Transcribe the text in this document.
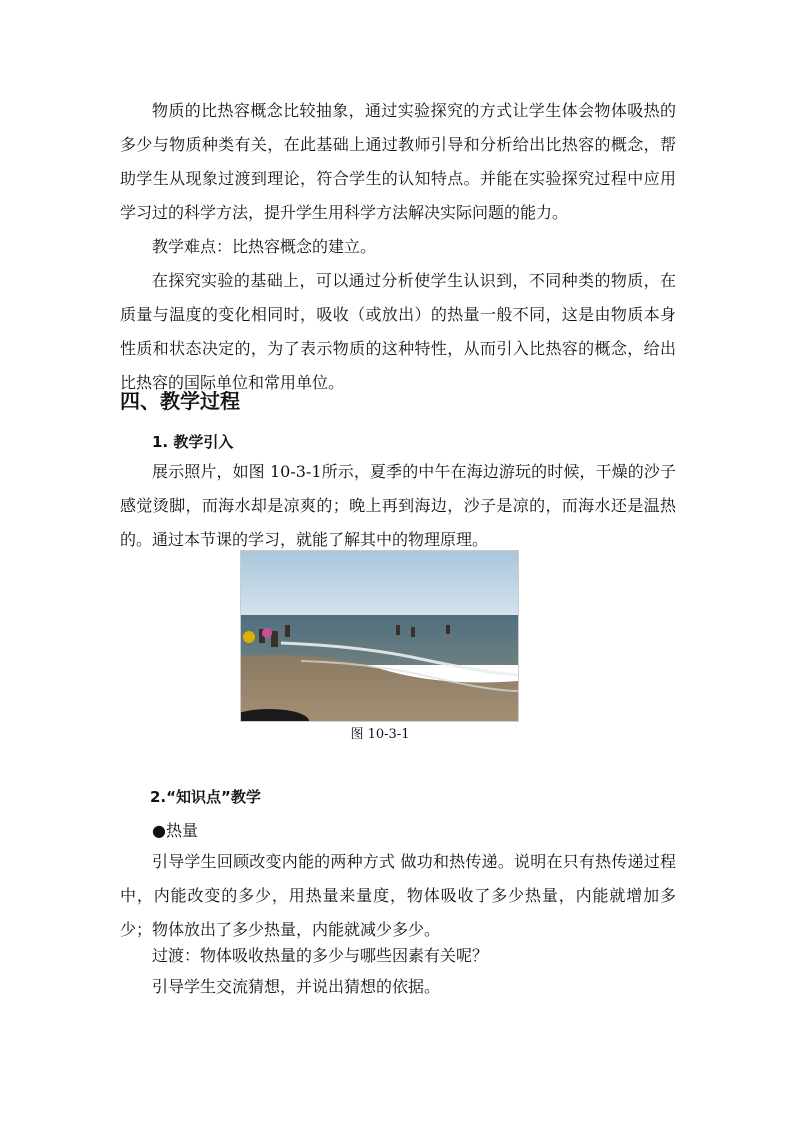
物质的比热容概念比较抽象，通过实验探究的方式让学生体会物体吸热的多少与物质种类有关，在此基础上通过教师引导和分析给出比热容的概念，帮助学生从现象过渡到理论，符合学生的认知特点。并能在实验探究过程中应用学习过的科学方法，提升学生用科学方法解决实际问题的能力。

教学难点：比热容概念的建立。

在探究实验的基础上，可以通过分析使学生认识到，不同种类的物质，在质量与温度的变化相同时，吸收（或放出）的热量一般不同，这是由物质本身性质和状态决定的，为了表示物质的这种特性，从而引入比热容的概念，给出比热容的国际单位和常用单位。

四、教学过程
1. 教学引入

展示照片，如图 10-3-1所示，夏季的中午在海边游玩的时候，干燥的沙子感觉烫脚，而海水却是凉爽的；晚上再到海边，沙子是凉的，而海水还是温热的。通过本节课的学习，就能了解其中的物理原理。

图 10-3-1
2.“知识点”教学

●热量

引导学生回顾改变内能的两种方式 做功和热传递。说明在只有热传递过程中，内能改变的多少，用热量来量度，物体吸收了多少热量，内能就增加多少；物体放出了多少热量，内能就减少多少。

过渡：物体吸收热量的多少与哪些因素有关呢？

引导学生交流猜想，并说出猜想的依据。
